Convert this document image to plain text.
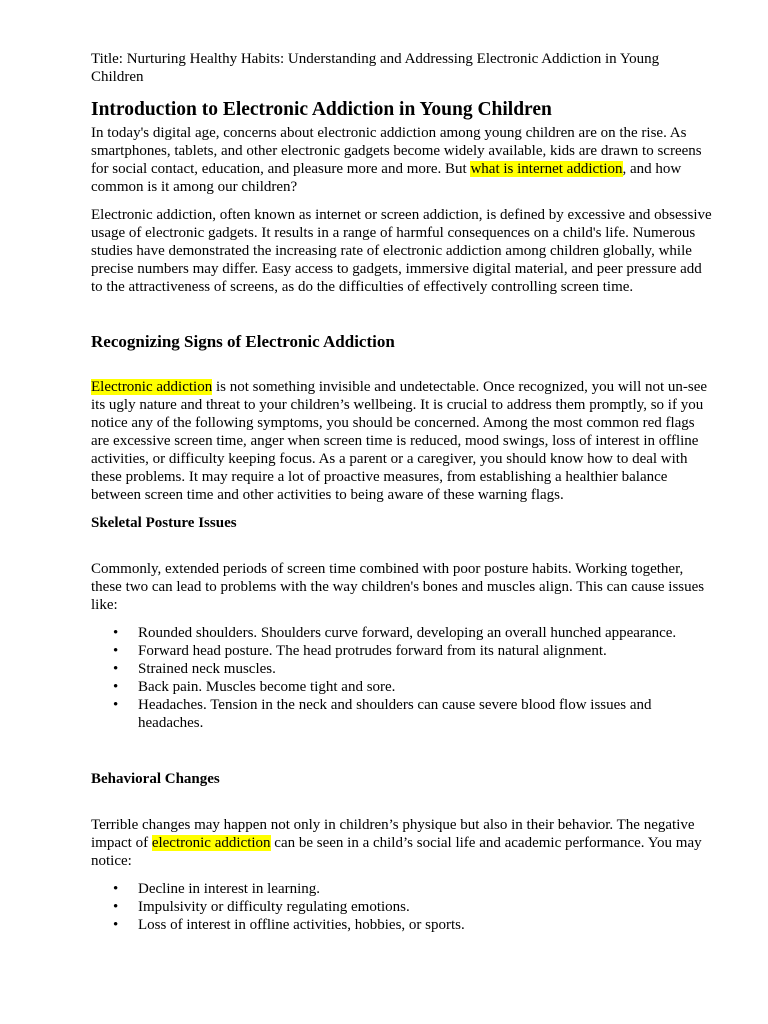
Title: Nurturing Healthy Habits: Understanding and Addressing Electronic Addiction in Young Children

Introduction to Electronic Addiction in Young Children

In today's digital age, concerns about electronic addiction among young children are on the rise. As smartphones, tablets, and other electronic gadgets become widely available, kids are drawn to screens for social contact, education, and pleasure more and more. But what is internet addiction, and how common is it among our children?

Electronic addiction, often known as internet or screen addiction, is defined by excessive and obsessive usage of electronic gadgets. It results in a range of harmful consequences on a child's life. Numerous studies have demonstrated the increasing rate of electronic addiction among children globally, while precise numbers may differ. Easy access to gadgets, immersive digital material, and peer pressure add to the attractiveness of screens, as do the difficulties of effectively controlling screen time.

Recognizing Signs of Electronic Addiction

Electronic addiction is not something invisible and undetectable. Once recognized, you will not un-see its ugly nature and threat to your children’s wellbeing. It is crucial to address them promptly, so if you notice any of the following symptoms, you should be concerned. Among the most common red flags are excessive screen time, anger when screen time is reduced, mood swings, loss of interest in offline activities, or difficulty keeping focus. As a parent or a caregiver, you should know how to deal with these problems. It may require a lot of proactive measures, from establishing a healthier balance between screen time and other activities to being aware of these warning flags.

Skeletal Posture Issues

Commonly, extended periods of screen time combined with poor posture habits. Working together, these two can lead to problems with the way children's bones and muscles align. This can cause issues like:

• Rounded shoulders. Shoulders curve forward, developing an overall hunched appearance.
• Forward head posture. The head protrudes forward from its natural alignment.
• Strained neck muscles.
• Back pain. Muscles become tight and sore.
• Headaches. Tension in the neck and shoulders can cause severe blood flow issues and headaches.
Behavioral Changes

Terrible changes may happen not only in children’s physique but also in their behavior. The negative impact of electronic addiction can be seen in a child’s social life and academic performance. You may notice:

• Decline in interest in learning.
• Impulsivity or difficulty regulating emotions.
• Loss of interest in offline activities, hobbies, or sports.
